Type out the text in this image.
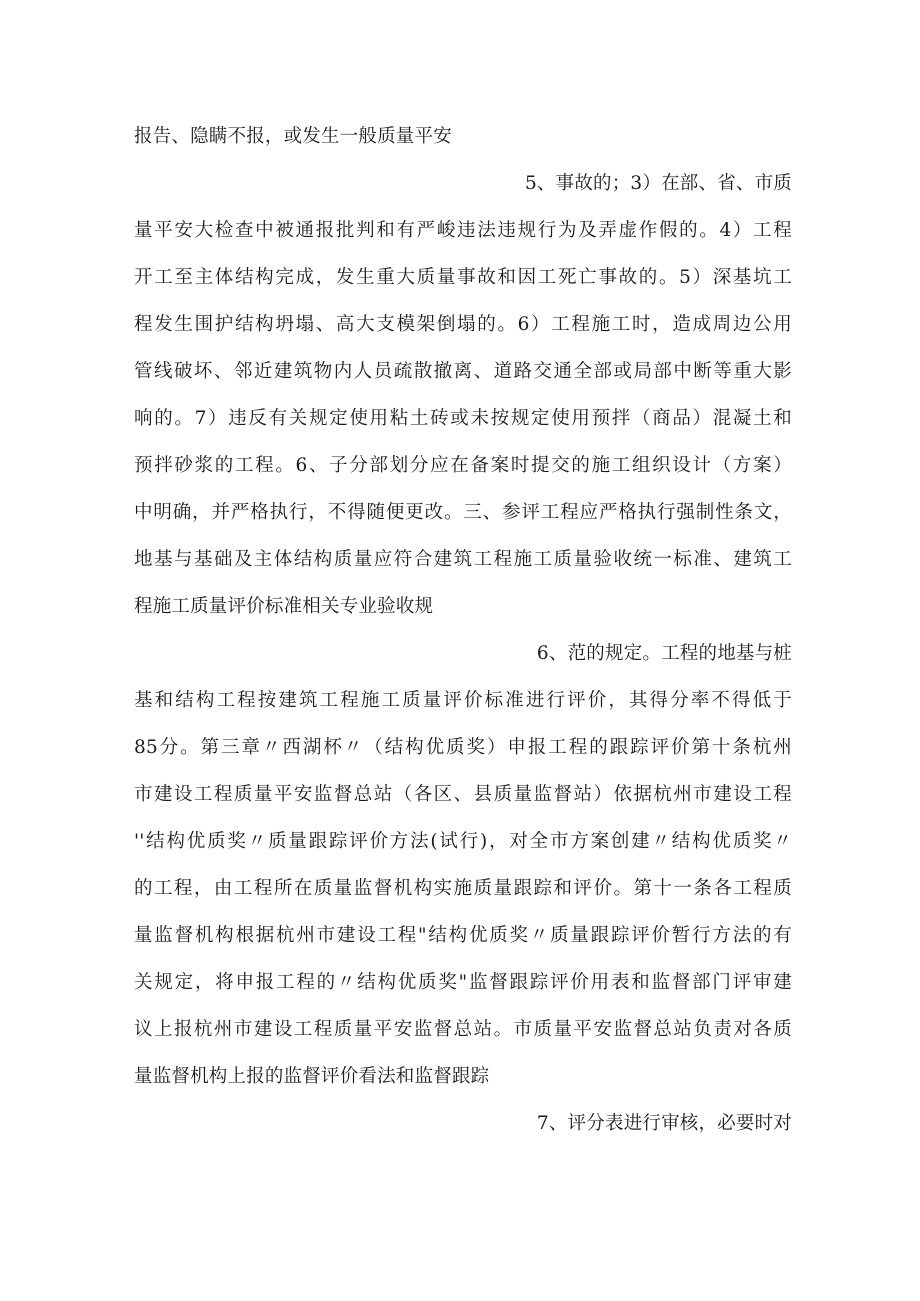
报告、隐瞒不报，或发生一般质量平安
5、事故的；3）在部、省、市质
量平安大检查中被通报批判和有严峻违法违规行为及弄虚作假的。4）工程
开工至主体结构完成，发生重大质量事故和因工死亡事故的。5）深基坑工
程发生围护结构坍塌、高大支模架倒塌的。6）工程施工时，造成周边公用
管线破坏、邻近建筑物内人员疏散撤离、道路交通全部或局部中断等重大影
响的。7）违反有关规定使用粘土砖或未按规定使用预拌（商品）混凝土和
预拌砂浆的工程。6、子分部划分应在备案时提交的施工组织设计（方案）
中明确，并严格执行，不得随便更改。三、参评工程应严格执行强制性条文，
地基与基础及主体结构质量应符合建筑工程施工质量验收统一标准、建筑工
程施工质量评价标准相关专业验收规
6、范的规定。工程的地基与桩
基和结构工程按建筑工程施工质量评价标准进行评价，其得分率不得低于
85分。第三章〃西湖杯〃（结构优质奖）申报工程的跟踪评价第十条杭州
市建设工程质量平安监督总站（各区、县质量监督站）依据杭州市建设工程
''结构优质奖〃质量跟踪评价方法(试行)，对全市方案创建〃结构优质奖〃
的工程，由工程所在质量监督机构实施质量跟踪和评价。第十一条各工程质
量监督机构根据杭州市建设工程"结构优质奖〃质量跟踪评价暂行方法的有
关规定，将申报工程的〃结构优质奖"监督跟踪评价用表和监督部门评审建
议上报杭州市建设工程质量平安监督总站。市质量平安监督总站负责对各质
量监督机构上报的监督评价看法和监督跟踪
7、评分表进行审核，必要时对
